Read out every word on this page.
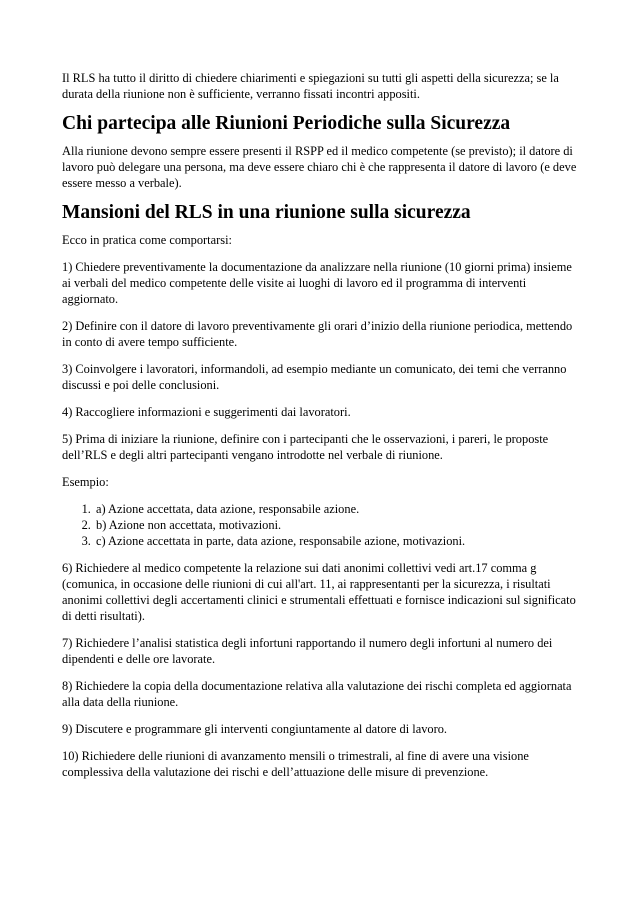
Il RLS ha tutto il diritto di chiedere chiarimenti e spiegazioni su tutti gli aspetti della sicurezza; se la durata della riunione non è sufficiente, verranno fissati incontri appositi.

Chi partecipa alle Riunioni Periodiche sulla Sicurezza

Alla riunione devono sempre essere presenti il RSPP ed il medico competente (se previsto); il datore di lavoro può delegare una persona, ma deve essere chiaro chi è che rappresenta il datore di lavoro (e deve essere messo a verbale).

Mansioni del RLS in una riunione sulla sicurezza

Ecco in pratica come comportarsi:

1) Chiedere preventivamente la documentazione da analizzare nella riunione (10 giorni prima) insieme ai verbali del medico competente delle visite ai luoghi di lavoro ed il programma di interventi aggiornato.

2) Definire con il datore di lavoro preventivamente gli orari d’inizio della riunione periodica, mettendo in conto di avere tempo sufficiente.

3) Coinvolgere i lavoratori, informandoli, ad esempio mediante un comunicato, dei temi che verranno discussi e poi delle conclusioni.

4) Raccogliere informazioni e suggerimenti dai lavoratori.

5) Prima di iniziare la riunione, definire con i partecipanti che le osservazioni, i pareri, le proposte dell’RLS e degli altri partecipanti vengano introdotte nel verbale di riunione.

Esempio:

1. a) Azione accettata, data azione, responsabile azione.
2. b) Azione non accettata, motivazioni.
3. c) Azione accettata in parte, data azione, responsabile azione, motivazioni.

6) Richiedere al medico competente la relazione sui dati anonimi collettivi vedi art.17 comma g (comunica, in occasione delle riunioni di cui all'art. 11, ai rappresentanti per la sicurezza, i risultati anonimi collettivi degli accertamenti clinici e strumentali effettuati e fornisce indicazioni sul significato di detti risultati).

7) Richiedere l’analisi statistica degli infortuni rapportando il numero degli infortuni al numero dei dipendenti e delle ore lavorate.

8) Richiedere la copia della documentazione relativa alla valutazione dei rischi completa ed aggiornata alla data della riunione.

9) Discutere e programmare gli interventi congiuntamente al datore di lavoro.

10) Richiedere delle riunioni di avanzamento mensili o trimestrali, al fine di avere una visione complessiva della valutazione dei rischi e dell’attuazione delle misure di prevenzione.
